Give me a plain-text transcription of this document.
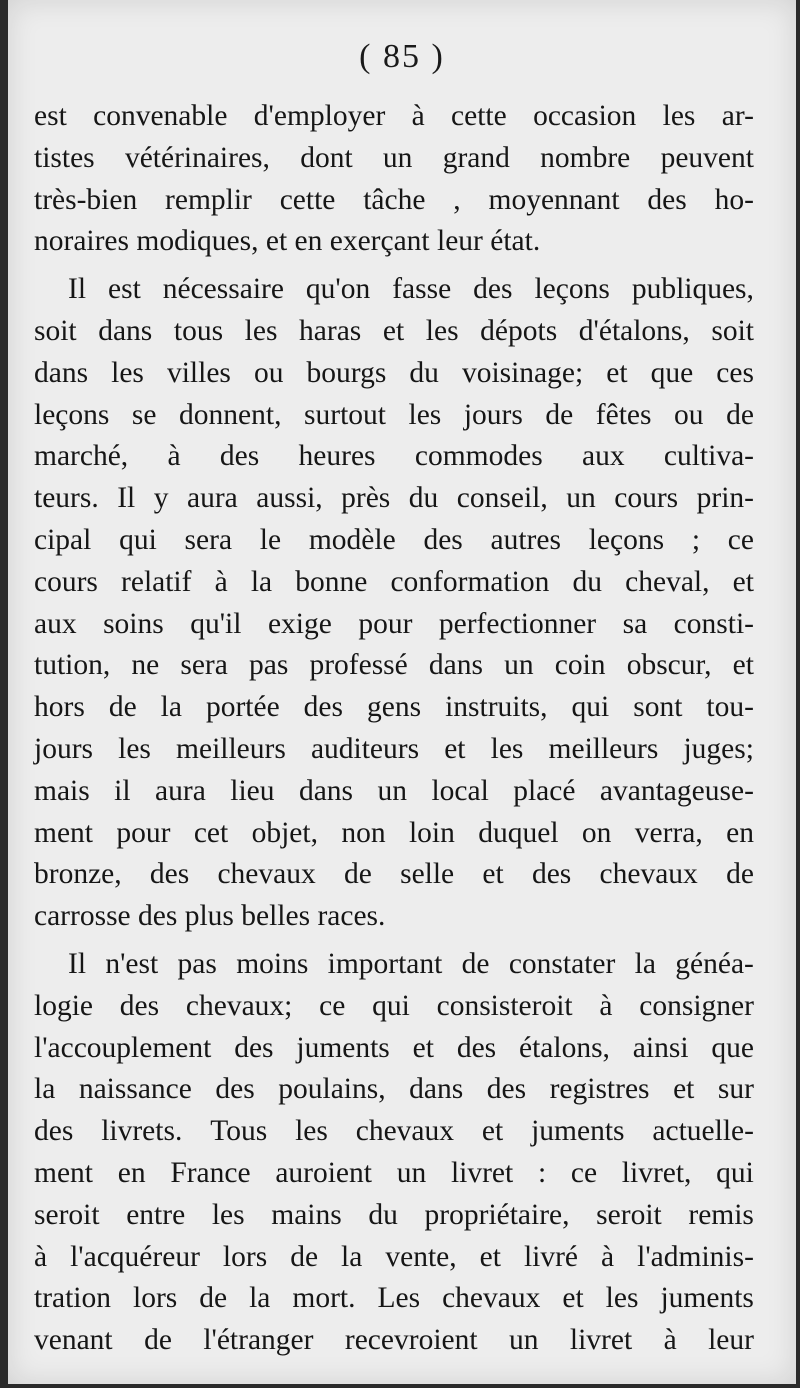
( 85 )
est convenable d'employer à cette occasion les ar-
tistes vétérinaires, dont un grand nombre peuvent
très-bien remplir cette tâche , moyennant des ho-
noraires modiques, et en exerçant leur état.
Il est nécessaire qu'on fasse des leçons publiques,
soit dans tous les haras et les dépots d'étalons, soit
dans les villes ou bourgs du voisinage; et que ces
leçons se donnent, surtout les jours de fêtes ou de
marché, à des heures commodes aux cultiva-
teurs. Il y aura aussi, près du conseil, un cours prin-
cipal qui sera le modèle des autres leçons ; ce
cours relatif à la bonne conformation du cheval, et
aux soins qu'il exige pour perfectionner sa consti-
tution, ne sera pas professé dans un coin obscur, et
hors de la portée des gens instruits, qui sont tou-
jours les meilleurs auditeurs et les meilleurs juges;
mais il aura lieu dans un local placé avantageuse-
ment pour cet objet, non loin duquel on verra, en
bronze, des chevaux de selle et des chevaux de
carrosse des plus belles races.
Il n'est pas moins important de constater la généa-
logie des chevaux; ce qui consisteroit à consigner
l'accouplement des juments et des étalons, ainsi que
la naissance des poulains, dans des registres et sur
des livrets. Tous les chevaux et juments actuelle-
ment en France auroient un livret : ce livret, qui
seroit entre les mains du propriétaire, seroit remis
à l'acquéreur lors de la vente, et livré à l'adminis-
tration lors de la mort. Les chevaux et les juments
venant de l'étranger recevroient un livret à leur
